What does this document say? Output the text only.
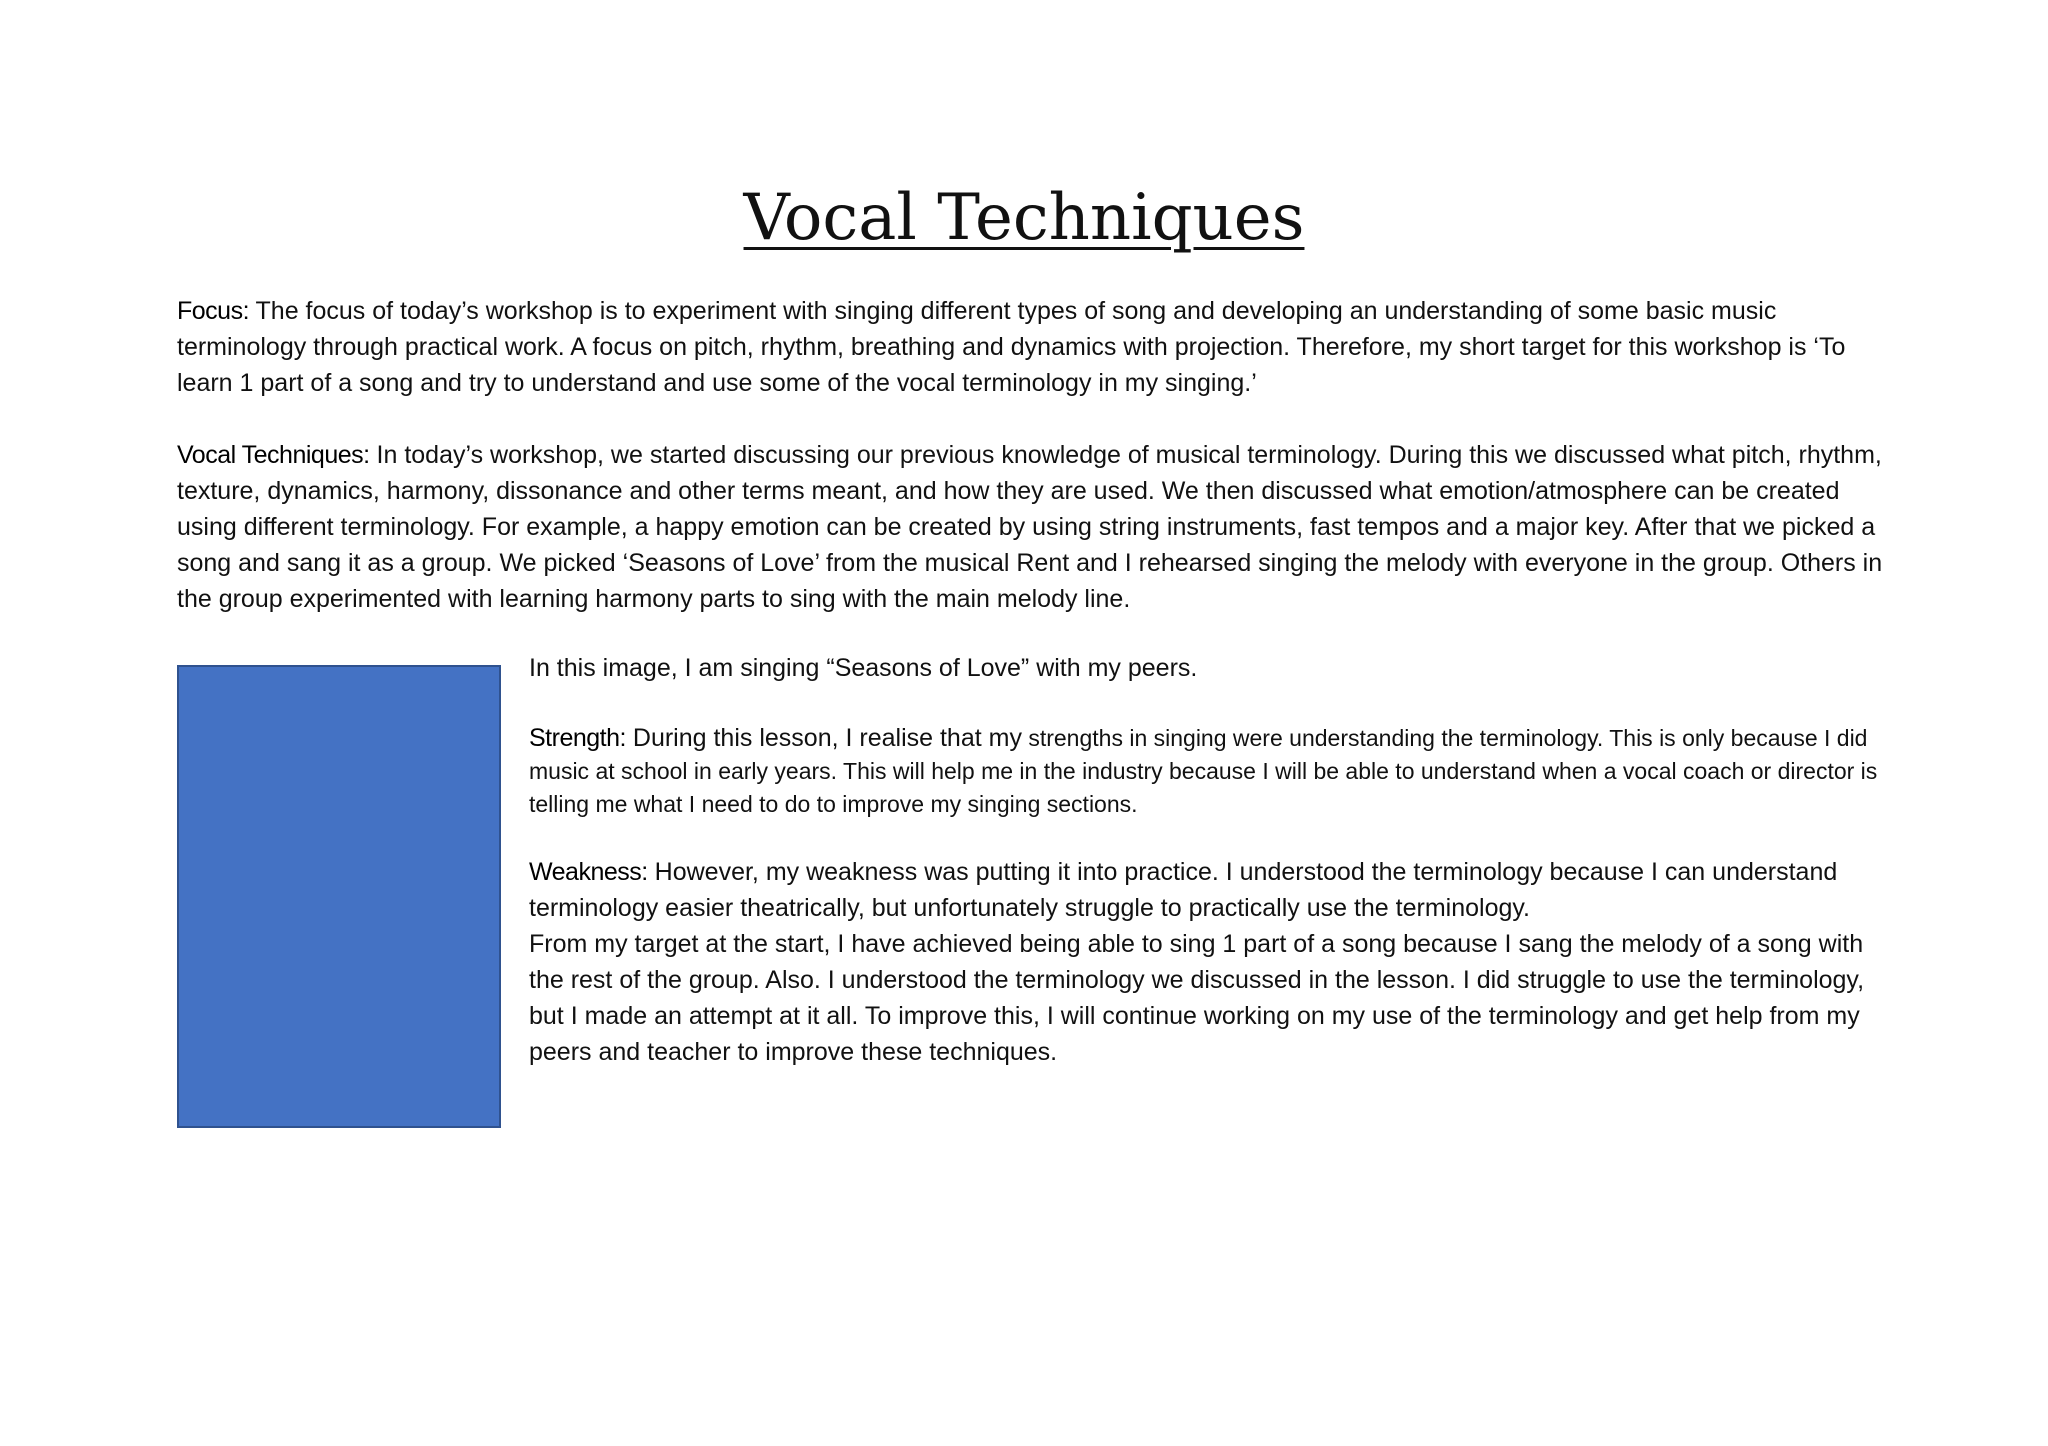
Vocal Techniques

Focus: The focus of today’s workshop is to experiment with singing different types of song and developing an understanding of some basic music terminology through practical work. A focus on pitch, rhythm, breathing and dynamics with projection. Therefore, my short target for this workshop is ‘To learn 1 part of a song and try to understand and use some of the vocal terminology in my singing.’

Vocal Techniques: In today’s workshop, we started discussing our previous knowledge of musical terminology. During this we discussed what pitch, rhythm, texture, dynamics, harmony, dissonance and other terms meant, and how they are used. We then discussed what emotion/atmosphere can be created using different terminology. For example, a happy emotion can be created by using string instruments, fast tempos and a major key. After that we picked a song and sang it as a group. We picked ‘Seasons of Love’ from the musical Rent and I rehearsed singing the melody with everyone in the group. Others in the group experimented with learning harmony parts to sing with the main melody line.

In this image, I am singing “Seasons of Love” with my peers.

Strength: During this lesson, I realise that my strengths in singing were understanding the terminology. This is only because I did music at school in early years. This will help me in the industry because I will be able to understand when a vocal coach or director is telling me what I need to do to improve my singing sections.

Weakness: However, my weakness was putting it into practice. I understood the terminology because I can understand terminology easier theatrically, but unfortunately struggle to practically use the terminology.

From my target at the start, I have achieved being able to sing 1 part of a song because I sang the melody of a song with the rest of the group. Also. I understood the terminology we discussed in the lesson. I did struggle to use the terminology, but I made an attempt at it all. To improve this, I will continue working on my use of the terminology and get help from my peers and teacher to improve these techniques.
